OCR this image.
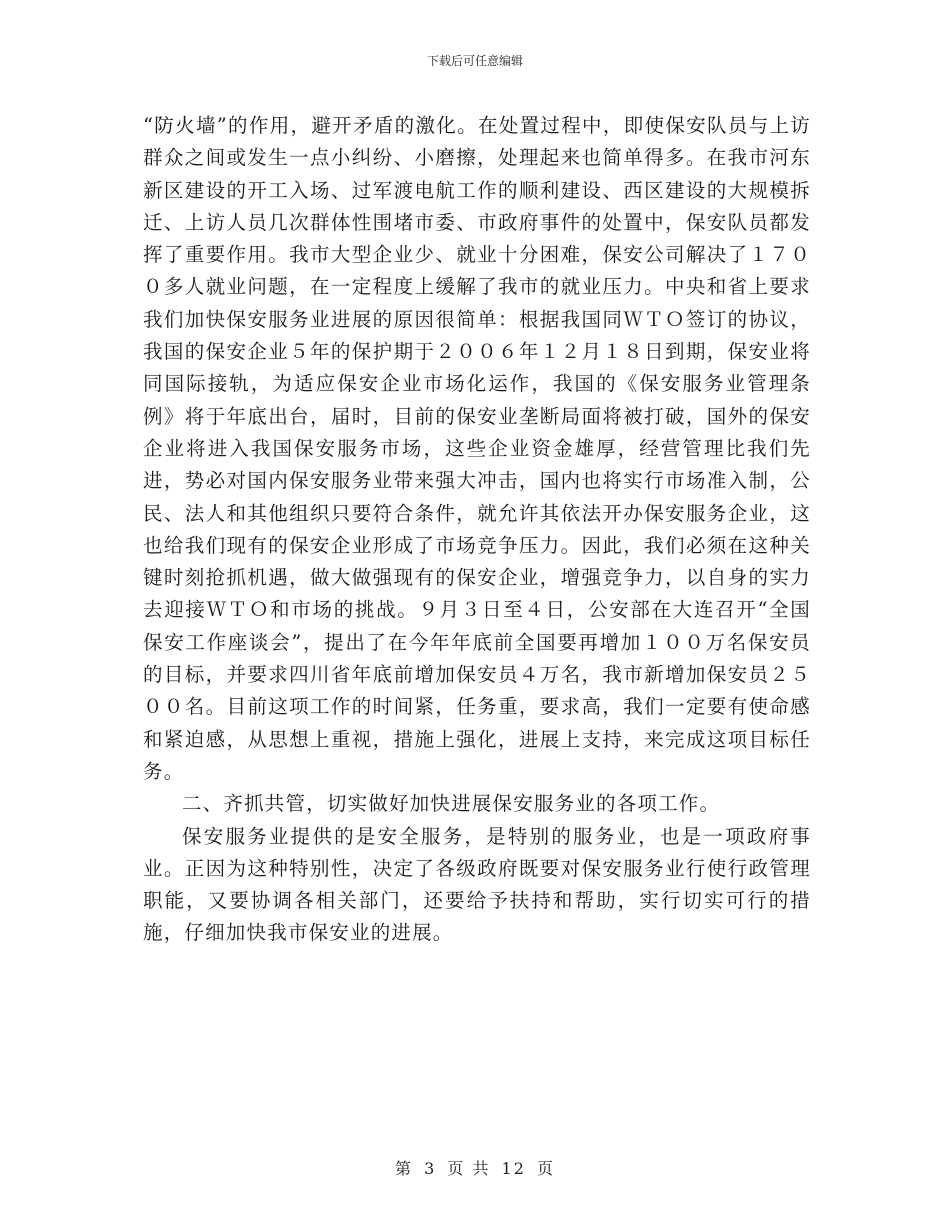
下载后可任意编辑

“防火墙”的作用，避开矛盾的激化。在处置过程中，即使保安队员与上访群众之间或发生一点小纠纷、小磨擦，处理起来也简单得多。在我市河东新区建设的开工入场、过军渡电航工作的顺利建设、西区建设的大规模拆迁、上访人员几次群体性围堵市委、市政府事件的处置中，保安队员都发挥了重要作用。我市大型企业少、就业十分困难，保安公司解决了１７００多人就业问题，在一定程度上缓解了我市的就业压力。中央和省上要求我们加快保安服务业进展的原因很简单：根据我国同ＷＴＯ签订的协议，我国的保安企业５年的保护期于２００６年１２月１８日到期，保安业将同国际接轨，为适应保安企业市场化运作，我国的《保安服务业管理条例》将于年底出台，届时，目前的保安业垄断局面将被打破，国外的保安企业将进入我国保安服务市场，这些企业资金雄厚，经营管理比我们先进，势必对国内保安服务业带来强大冲击，国内也将实行市场准入制，公民、法人和其他组织只要符合条件，就允许其依法开办保安服务企业，这也给我们现有的保安企业形成了市场竞争压力。因此，我们必须在这种关键时刻抢抓机遇，做大做强现有的保安企业，增强竞争力，以自身的实力去迎接ＷＴＯ和市场的挑战。９月３日至４日，公安部在大连召开“全国保安工作座谈会”，提出了在今年年底前全国要再增加１００万名保安员的目标，并要求四川省年底前增加保安员４万名，我市新增加保安员２５００名。目前这项工作的时间紧，任务重，要求高，我们一定要有使命感和紧迫感，从思想上重视，措施上强化，进展上支持，来完成这项目标任务。

二、齐抓共管，切实做好加快进展保安服务业的各项工作。

保安服务业提供的是安全服务，是特别的服务业，也是一项政府事业。正因为这种特别性，决定了各级政府既要对保安服务业行使行政管理职能，又要协调各相关部门，还要给予扶持和帮助，实行切实可行的措施，仔细加快我市保安业的进展。

第 3 页 共 12 页
